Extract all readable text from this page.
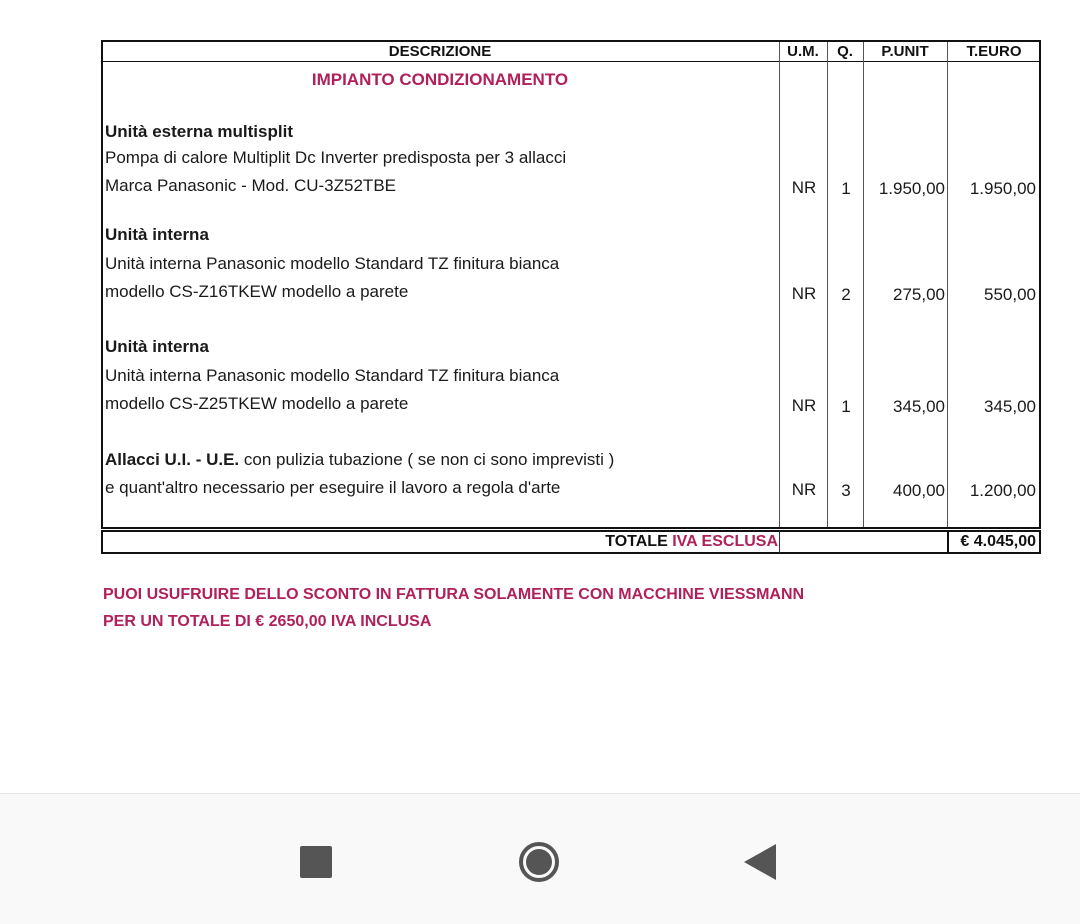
DESCRIZIONE	U.M.	Q.	P.UNIT	T.EURO
IMPIANTO CONDIZIONAMENTO
Unità esterna multisplit
Pompa di calore Multiplit Dc Inverter predisposta per 3 allacci
Marca Panasonic - Mod. CU-3Z52TBE	NR	1	1.950,00	1.950,00
Unità interna
Unità interna Panasonic modello Standard TZ finitura bianca
modello CS-Z16TKEW modello a parete	NR	2	275,00	550,00
Unità interna
Unità interna Panasonic modello Standard TZ finitura bianca
modello CS-Z25TKEW modello a parete	NR	1	345,00	345,00
Allacci U.I. - U.E. con pulizia tubazione ( se non ci sono imprevisti )
e quant'altro necessario per eseguire il lavoro a regola d'arte	NR	3	400,00	1.200,00
TOTALE IVA ESCLUSA	€ 4.045,00
PUOI USUFRUIRE DELLO SCONTO IN FATTURA SOLAMENTE CON MACCHINE VIESSMANN
PER UN TOTALE DI € 2650,00 IVA INCLUSA
